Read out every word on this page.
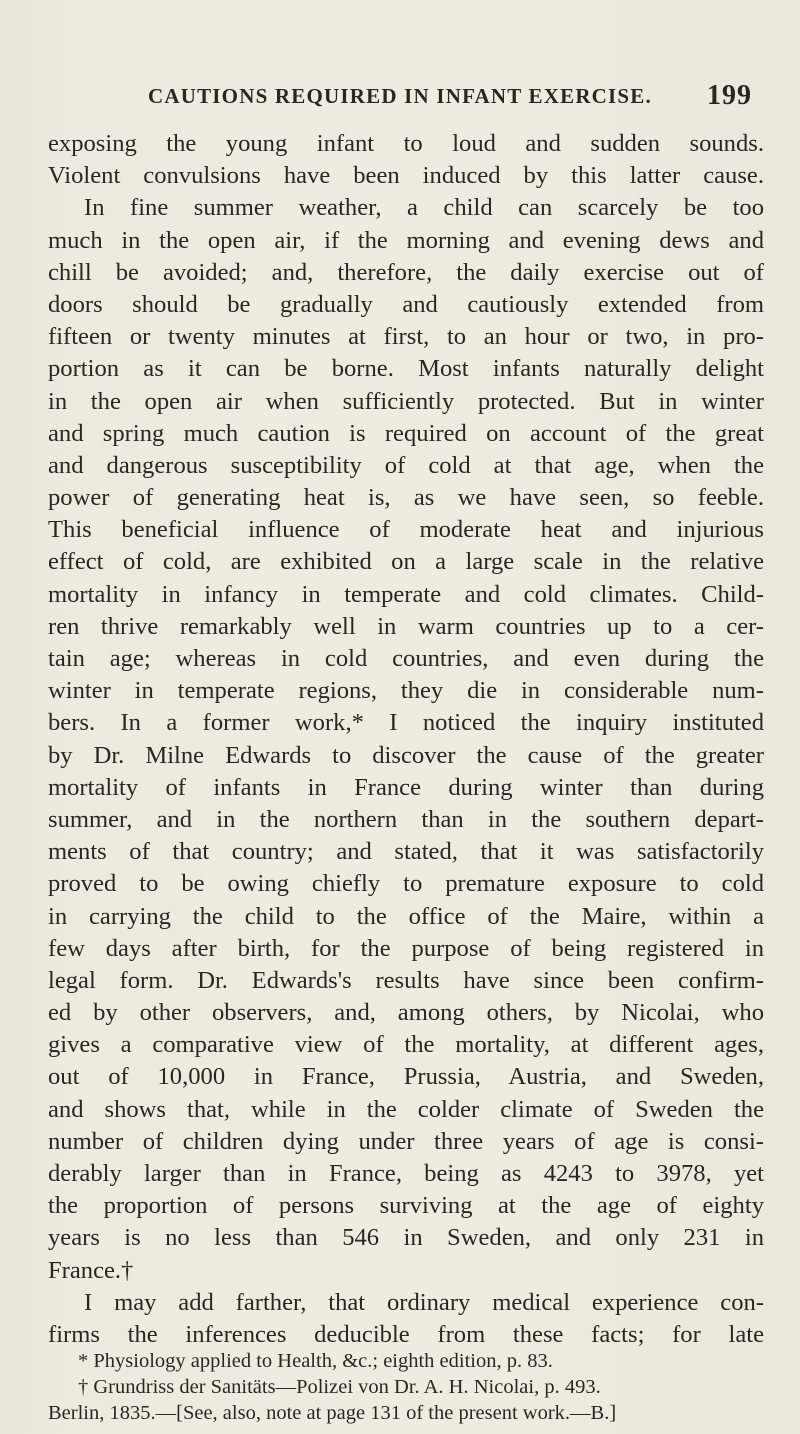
CAUTIONS REQUIRED IN INFANT EXERCISE. 199
exposing the young infant to loud and sudden sounds.
Violent convulsions have been induced by this latter cause.
In fine summer weather, a child can scarcely be too
much in the open air, if the morning and evening dews and
chill be avoided; and, therefore, the daily exercise out of
doors should be gradually and cautiously extended from
fifteen or twenty minutes at first, to an hour or two, in pro-
portion as it can be borne. Most infants naturally delight
in the open air when sufficiently protected. But in winter
and spring much caution is required on account of the great
and dangerous susceptibility of cold at that age, when the
power of generating heat is, as we have seen, so feeble.
This beneficial influence of moderate heat and injurious
effect of cold, are exhibited on a large scale in the relative
mortality in infancy in temperate and cold climates. Child-
ren thrive remarkably well in warm countries up to a cer-
tain age; whereas in cold countries, and even during the
winter in temperate regions, they die in considerable num-
bers. In a former work,* I noticed the inquiry instituted
by Dr. Milne Edwards to discover the cause of the greater
mortality of infants in France during winter than during
summer, and in the northern than in the southern depart-
ments of that country; and stated, that it was satisfactorily
proved to be owing chiefly to premature exposure to cold
in carrying the child to the office of the Maire, within a
few days after birth, for the purpose of being registered in
legal form. Dr. Edwards's results have since been confirm-
ed by other observers, and, among others, by Nicolai, who
gives a comparative view of the mortality, at different ages,
out of 10,000 in France, Prussia, Austria, and Sweden,
and shows that, while in the colder climate of Sweden the
number of children dying under three years of age is consi-
derably larger than in France, being as 4243 to 3978, yet
the proportion of persons surviving at the age of eighty
years is no less than 546 in Sweden, and only 231 in
France.†
I may add farther, that ordinary medical experience con-
firms the inferences deducible from these facts; for late
* Physiology applied to Health, &c.; eighth edition, p. 83.
† Grundriss der Sanitäts—Polizei von Dr. A. H. Nicolai, p. 493.
Berlin, 1835.—[See, also, note at page 131 of the present work.—B.]
